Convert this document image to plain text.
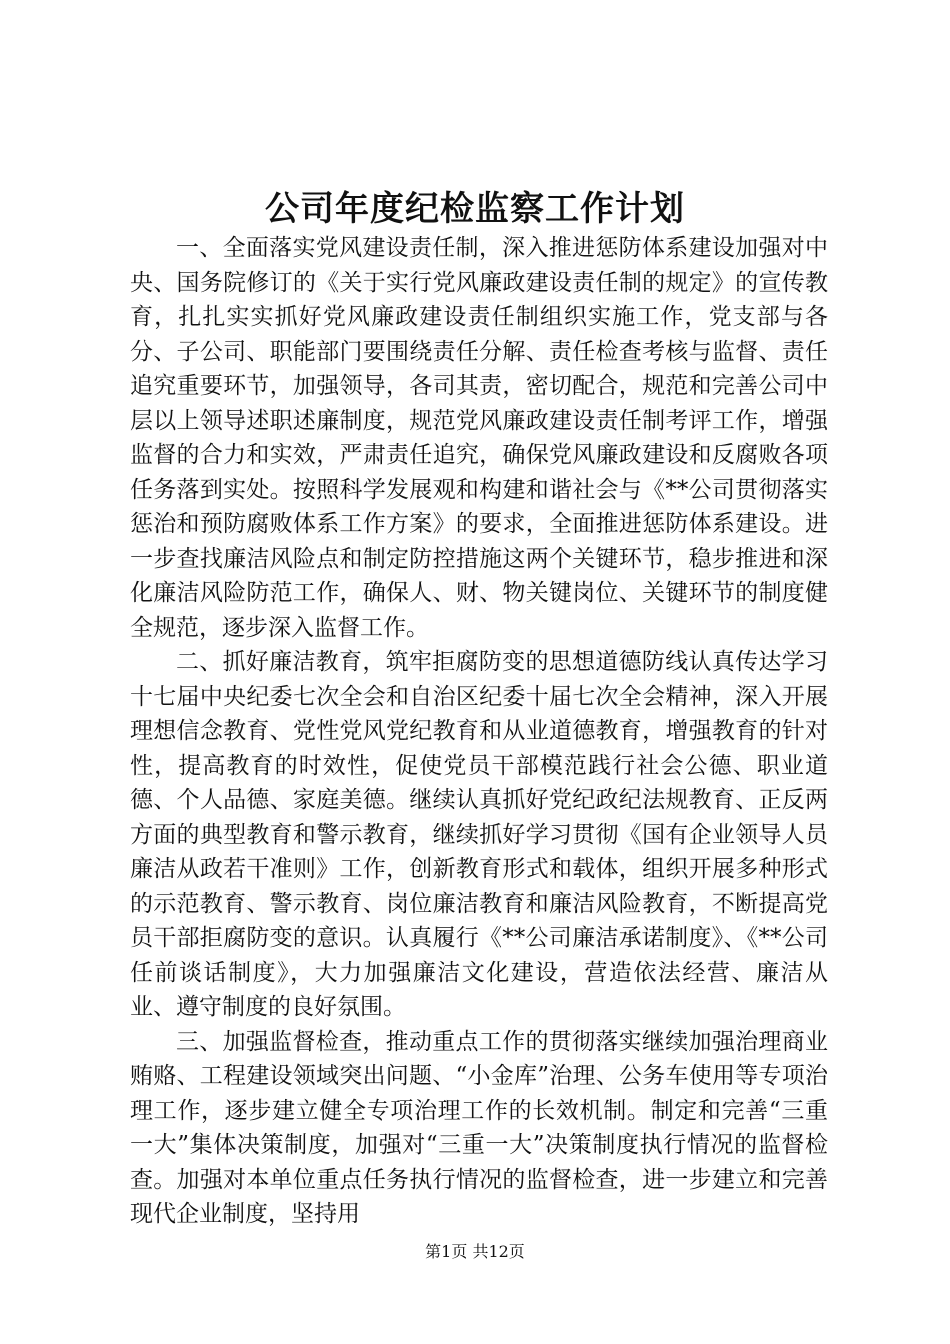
公司年度纪检监察工作计划

一、全面落实党风建设责任制，深入推进惩防体系建设加强对中央、国务院修订的《关于实行党风廉政建设责任制的规定》的宣传教育，扎扎实实抓好党风廉政建设责任制组织实施工作，党支部与各分、子公司、职能部门要围绕责任分解、责任检查考核与监督、责任追究重要环节，加强领导，各司其责，密切配合，规范和完善公司中层以上领导述职述廉制度，规范党风廉政建设责任制考评工作，增强监督的合力和实效，严肃责任追究，确保党风廉政建设和反腐败各项任务落到实处。按照科学发展观和构建和谐社会与《**公司贯彻落实惩治和预防腐败体系工作方案》的要求，全面推进惩防体系建设。进一步查找廉洁风险点和制定防控措施这两个关键环节，稳步推进和深化廉洁风险防范工作，确保人、财、物关键岗位、关键环节的制度健全规范，逐步深入监督工作。

二、抓好廉洁教育，筑牢拒腐防变的思想道德防线认真传达学习十七届中央纪委七次全会和自治区纪委十届七次全会精神，深入开展理想信念教育、党性党风党纪教育和从业道德教育，增强教育的针对性，提高教育的时效性，促使党员干部模范践行社会公德、职业道德、个人品德、家庭美德。继续认真抓好党纪政纪法规教育、正反两方面的典型教育和警示教育，继续抓好学习贯彻《国有企业领导人员廉洁从政若干准则》工作，创新教育形式和载体，组织开展多种形式的示范教育、警示教育、岗位廉洁教育和廉洁风险教育，不断提高党员干部拒腐防变的意识。认真履行《**公司廉洁承诺制度》、《**公司任前谈话制度》，大力加强廉洁文化建设，营造依法经营、廉洁从业、遵守制度的良好氛围。

三、加强监督检查，推动重点工作的贯彻落实继续加强治理商业贿赂、工程建设领域突出问题、“小金库”治理、公务车使用等专项治理工作，逐步建立健全专项治理工作的长效机制。制定和完善“三重一大”集体决策制度，加强对“三重一大”决策制度执行情况的监督检查。加强对本单位重点任务执行情况的监督检查，进一步建立和完善现代企业制度，坚持用

第1页 共12页
